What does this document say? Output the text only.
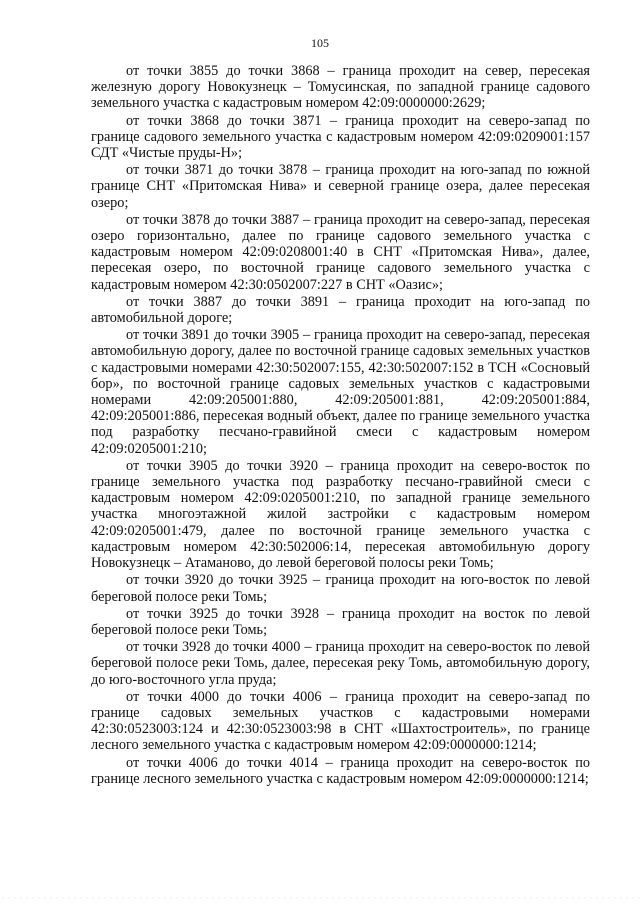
105

от точки 3855 до точки 3868 – граница проходит на север, пересекая железную дорогу Новокузнецк – Томусинская, по западной границе садового земельного участка с кадастровым номером 42:09:0000000:2629;

от точки 3868 до точки 3871 – граница проходит на северо-запад по границе садового земельного участка с кадастровым номером 42:09:0209001:157 СДТ «Чистые пруды-Н»;

от точки 3871 до точки 3878 – граница проходит на юго-запад по южной границе СНТ «Притомская Нива» и северной границе озера, далее пересекая озеро;

от точки 3878 до точки 3887 – граница проходит на северо-запад, пересекая озеро горизонтально, далее по границе садового земельного участка с кадастровым номером 42:09:0208001:40 в СНТ «Притомская Нива», далее, пересекая озеро, по восточной границе садового земельного участка с кадастровым номером 42:30:0502007:227 в СНТ «Оазис»;

от точки 3887 до точки 3891 – граница проходит на юго-запад по автомобильной дороге;

от точки 3891 до точки 3905 – граница проходит на северо-запад, пересекая автомобильную дорогу, далее по восточной границе садовых земельных участков с кадастровыми номерами 42:30:502007:155, 42:30:502007:152 в ТСН «Сосновый бор», по восточной границе садовых земельных участков с кадастровыми номерами 42:09:205001:880, 42:09:205001:881, 42:09:205001:884, 42:09:205001:886, пересекая водный объект, далее по границе земельного участка под разработку песчано-гравийной смеси с кадастровым номером 42:09:0205001:210;

от точки 3905 до точки 3920 – граница проходит на северо-восток по границе земельного участка под разработку песчано-гравийной смеси с кадастровым номером 42:09:0205001:210, по западной границе земельного участка многоэтажной жилой застройки с кадастровым номером 42:09:0205001:479, далее по восточной границе земельного участка с кадастровым номером 42:30:502006:14, пересекая автомобильную дорогу Новокузнецк – Атаманово, до левой береговой полосы реки Томь;

от точки 3920 до точки 3925 – граница проходит на юго-восток по левой береговой полосе реки Томь;

от точки 3925 до точки 3928 – граница проходит на восток по левой береговой полосе реки Томь;

от точки 3928 до точки 4000 – граница проходит на северо-восток по левой береговой полосе реки Томь, далее, пересекая реку Томь, автомобильную дорогу, до юго-восточного угла пруда;

от точки 4000 до точки 4006 – граница проходит на северо-запад по границе садовых земельных участков с кадастровыми номерами 42:30:0523003:124 и 42:30:0523003:98 в СНТ «Шахтостроитель», по границе лесного земельного участка с кадастровым номером 42:09:0000000:1214;

от точки 4006 до точки 4014 – граница проходит на северо-восток по границе лесного земельного участка с кадастровым номером 42:09:0000000:1214;
